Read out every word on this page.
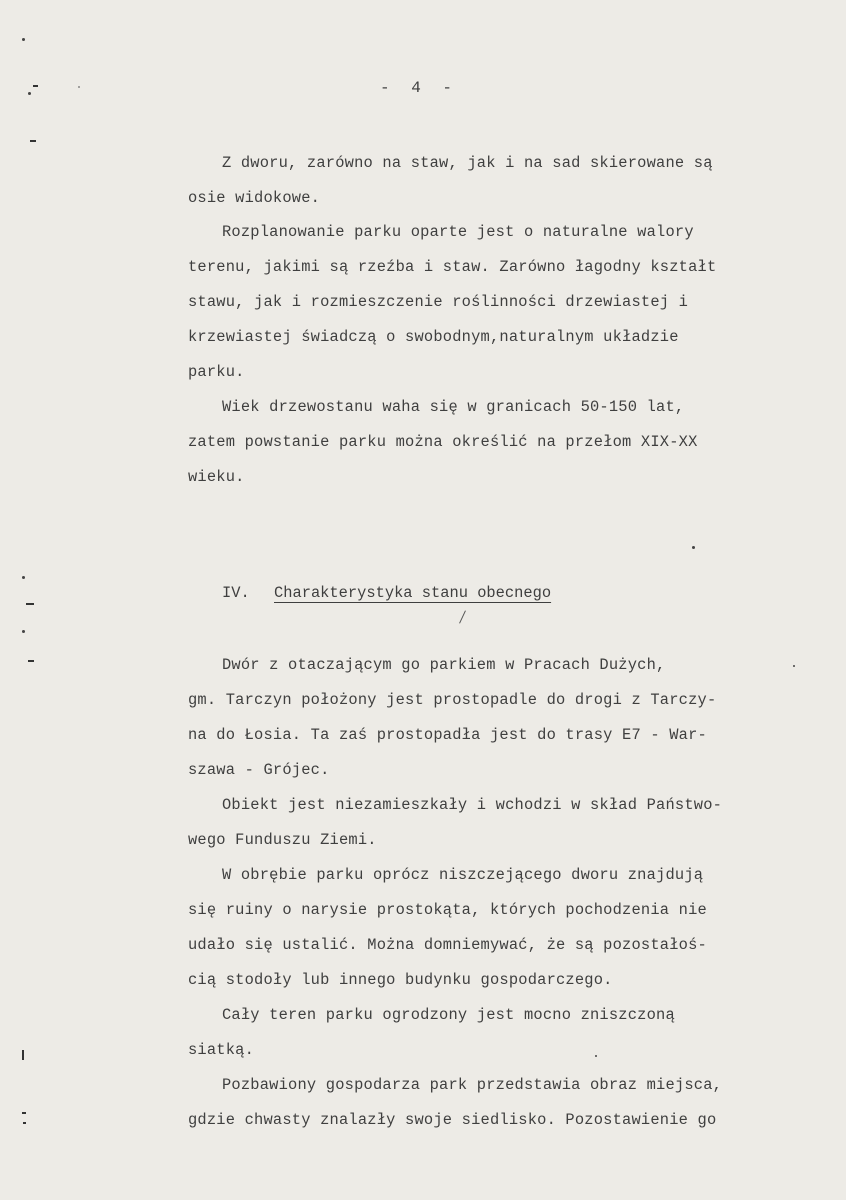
- 4 -
Z dworu, zarówno na staw, jak i na sad skierowane są
osie widokowe.
Rozplanowanie parku oparte jest o naturalne walory
terenu, jakimi są rzeźba i staw. Zarówno łagodny kształt
stawu, jak i rozmieszczenie roślinności drzewiastej i
krzewiastej świadczą o swobodnym,naturalnym układzie
parku.
Wiek drzewostanu waha się w granicach 50-150 lat,
zatem powstanie parku można określić na przełom XIX-XX
wieku.
IV. Charakterystyka stanu obecnego
Dwór z otaczającym go parkiem w Pracach Dużych,
gm. Tarczyn położony jest prostopadle do drogi z Tarczy-
na do Łosia. Ta zaś prostopadła jest do trasy E7 - War-
szawa - Grójec.
Obiekt jest niezamieszkały i wchodzi w skład Państwo-
wego Funduszu Ziemi.
W obrębie parku oprócz niszczejącego dworu znajdują
się ruiny o narysie prostokąta, których pochodzenia nie
udało się ustalić. Można domniemywać, że są pozostałoś-
cią stodoły lub innego budynku gospodarczego.
Cały teren parku ogrodzony jest mocno zniszczoną
siatką.
Pozbawiony gospodarza park przedstawia obraz miejsca,
gdzie chwasty znalazły swoje siedlisko. Pozostawienie go
